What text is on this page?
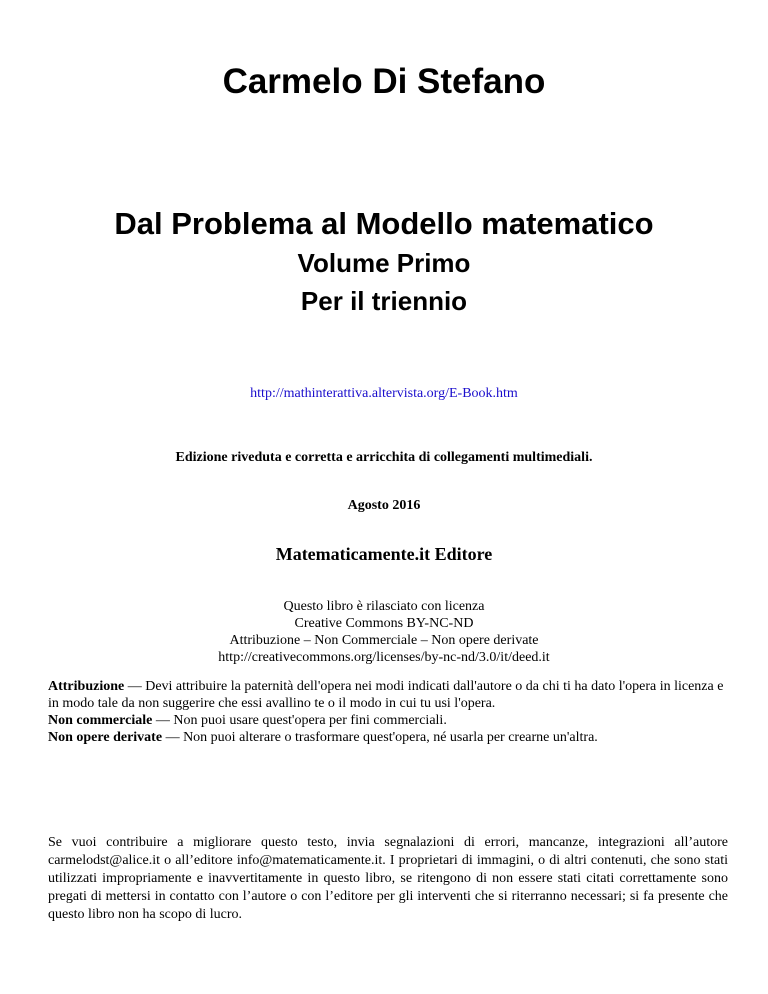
Carmelo Di Stefano
Dal Problema al Modello matematico
Volume Primo
Per il triennio
http://mathinterattiva.altervista.org/E-Book.htm
Edizione riveduta e corretta e arricchita di collegamenti multimediali.
Agosto 2016
Matematicamente.it Editore
Questo libro è rilasciato con licenza
Creative Commons BY-NC-ND
Attribuzione – Non Commerciale – Non opere derivate
http://creativecommons.org/licenses/by-nc-nd/3.0/it/deed.it

Attribuzione — Devi attribuire la paternità dell'opera nei modi indicati dall'autore o da chi ti ha dato l'opera in licenza e in modo tale da non suggerire che essi avallino te o il modo in cui tu usi l'opera.

Non commerciale — Non puoi usare quest'opera per fini commerciali.

Non opere derivate — Non puoi alterare o trasformare quest'opera, né usarla per crearne un'altra.

Se vuoi contribuire a migliorare questo testo, invia segnalazioni di errori, mancanze, integrazioni all’autore carmelodst@alice.it o all’editore info@matematicamente.it. I proprietari di immagini, o di altri contenuti, che sono stati utilizzati impropriamente e inavvertitamente in questo libro, se ritengono di non essere stati citati correttamente sono pregati di mettersi in contatto con l’autore o con l’editore per gli interventi che si riterranno necessari; si fa presente che questo libro non ha scopo di lucro.
